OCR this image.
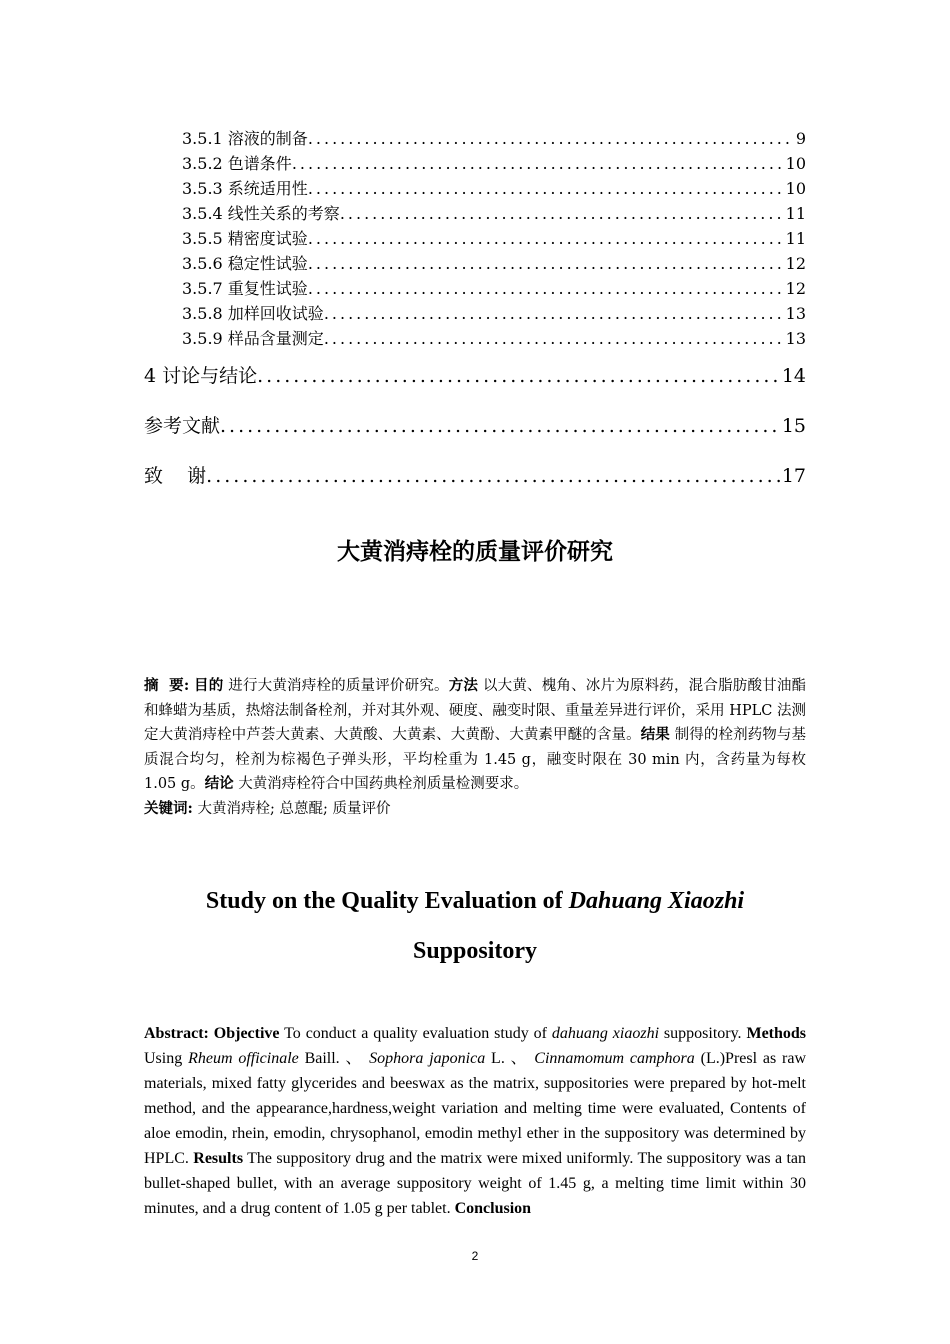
3.5.1 溶液的制备 .....	9
3.5.2 色谱条件 .....	10
3.5.3 系统适用性 .....	10
3.5.4 线性关系的考察 .....	11
3.5.5 精密度试验 .....	11
3.5.6 稳定性试验 .....	12
3.5.7 重复性试验 .....	12
3.5.8 加样回收试验 .....	13
3.5.9 样品含量测定 .....	13
4 讨论与结论 .....	14
参考文献 .....	15
致    谢 .....	17
大黄消痔栓的质量评价研究
摘  要: 目的 进行大黄消痔栓的质量评价研究。方法 以大黄、槐角、冰片为原料药，混合脂肪酸甘油酯和蜂蜡为基质，热熔法制备栓剂，并对其外观、硬度、融变时限、重量差异进行评价，采用 HPLC 法测定大黄消痔栓中芦荟大黄素、大黄酸、大黄素、大黄酚、大黄素甲醚的含量。结果 制得的栓剂药物与基质混合均匀，栓剂为棕褐色子弹头形，平均栓重为 1.45 g，融变时限在 30 min 内，含药量为每枚 1.05 g。结论 大黄消痔栓符合中国药典栓剂质量检测要求。
关键词: 大黄消痔栓; 总蒽醌; 质量评价
Study on the Quality Evaluation of Dahuang Xiaozhi
Suppository
Abstract: Objective To conduct a quality evaluation study of dahuang xiaozhi suppository. Methods Using Rheum officinale Baill. 、 Sophora japonica L. 、 Cinnamomum camphora (L.)Presl as raw materials, mixed fatty glycerides and beeswax as the matrix, suppositories were prepared by hot-melt method, and the appearance,hardness,weight variation and melting time were evaluated, Contents of aloe emodin, rhein, emodin, chrysophanol, emodin methyl ether in the suppository was determined by HPLC. Results The suppository drug and the matrix were mixed uniformly. The suppository was a tan bullet-shaped bullet, with an average suppository weight of 1.45 g, a melting time limit within 30 minutes, and a drug content of 1.05 g per tablet. Conclusion
2
